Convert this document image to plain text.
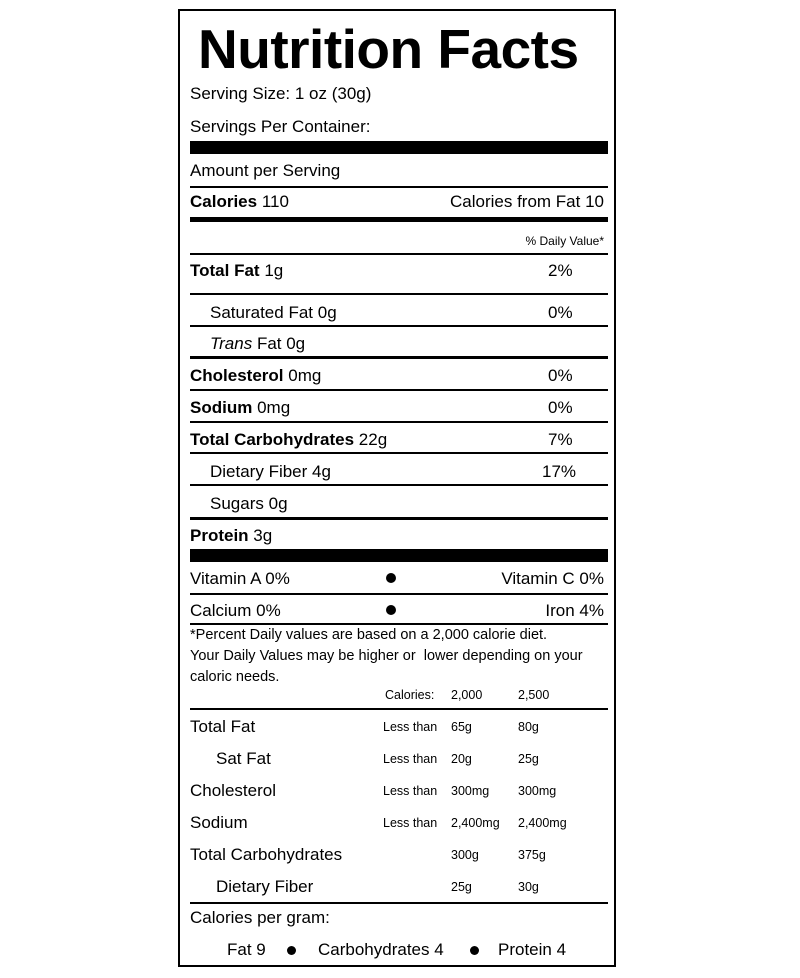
Nutrition Facts
Serving Size: 1 oz (30g)
Servings Per Container:
Amount per Serving
Calories 110	Calories from Fat 10
% Daily Value*
Total Fat 1g	2%
Saturated Fat 0g	0%
Trans Fat 0g
Cholesterol 0mg	0%
Sodium 0mg	0%
Total Carbohydrates 22g	7%
Dietary Fiber 4g	17%
Sugars 0g
Protein 3g
Vitamin A 0%	Vitamin C 0%
Calcium 0%	Iron 4%
*Percent Daily values are based on a 2,000 calorie diet.
Your Daily Values may be higher or  lower depending on your
caloric needs.
Calories: 2,000	2,500
Total Fat	Less than 65g	80g
Sat Fat	Less than 20g	25g
Cholesterol	Less than 300mg 300mg
Sodium	Less than 2,400mg 2,400mg
Total Carbohydrates	300g	375g
Dietary Fiber	25g	30g
Calories per gram:
Fat 9	Carbohydrates 4	Protein 4
